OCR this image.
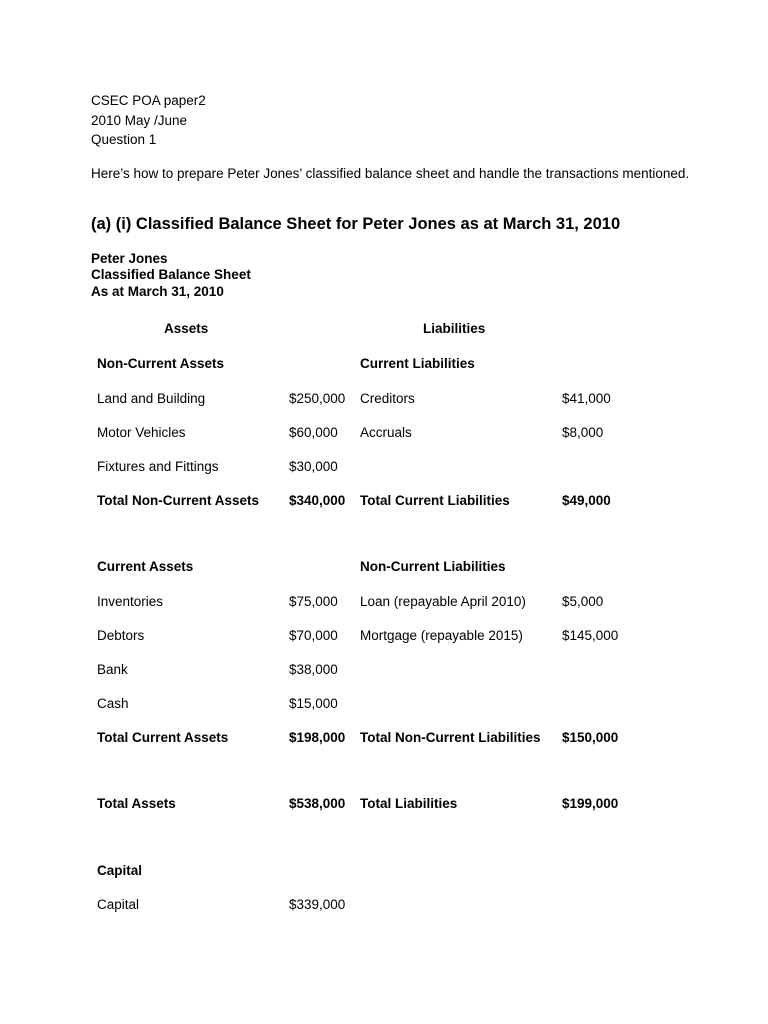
CSEC POA paper2
2010 May /June
Question 1
Here’s how to prepare Peter Jones’ classified balance sheet and handle the transactions mentioned.
(a) (i) Classified Balance Sheet for Peter Jones as at March 31, 2010
Peter Jones
Classified Balance Sheet
As at March 31, 2010
Assets	Liabilities
Non-Current Assets	Current Liabilities
Land and Building	$250,000 Creditors	$41,000
Motor Vehicles	$60,000 Accruals	$8,000
Fixtures and Fittings	$30,000
Total Non-Current Assets $340,000 Total Current Liabilities	$49,000
Current Assets	Non-Current Liabilities
Inventories	$75,000 Loan (repayable April 2010)	$5,000
Debtors	$70,000 Mortgage (repayable 2015)	$145,000
Bank	$38,000
Cash	$15,000
Total Current Assets	$198,000 Total Non-Current Liabilities $150,000
Total Assets	$538,000 Total Liabilities	$199,000
Capital
Capital	$339,000
